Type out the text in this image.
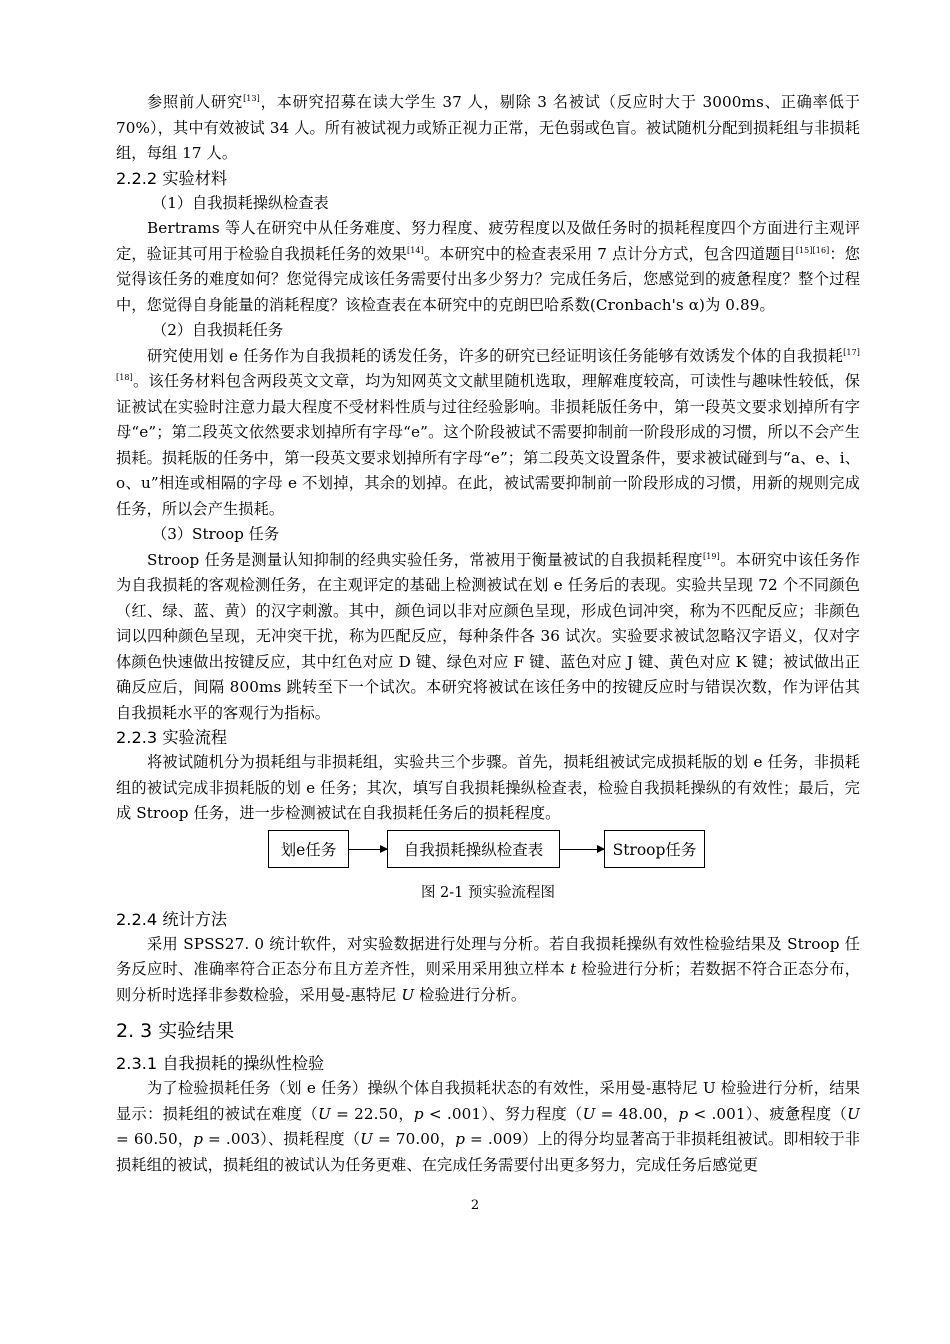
参照前人研究[13]，本研究招募在读大学生 37 人，剔除 3 名被试（反应时大于 3000ms、正确率低于 70%），其中有效被试 34 人。所有被试视力或矫正视力正常，无色弱或色盲。被试随机分配到损耗组与非损耗组，每组 17 人。

2.2.2 实验材料

（1）自我损耗操纵检查表

Bertrams 等人在研究中从任务难度、努力程度、疲劳程度以及做任务时的损耗程度四个方面进行主观评定，验证其可用于检验自我损耗任务的效果[14]。本研究中的检查表采用 7 点计分方式，包含四道题目[15][16]：您觉得该任务的难度如何？您觉得完成该任务需要付出多少努力？完成任务后，您感觉到的疲惫程度？整个过程中，您觉得自身能量的消耗程度？该检查表在本研究中的克朗巴哈系数(Cronbach's α)为 0.89。

（2）自我损耗任务

研究使用划 e 任务作为自我损耗的诱发任务，许多的研究已经证明该任务能够有效诱发个体的自我损耗[17][18]。该任务材料包含两段英文文章，均为知网英文文献里随机选取，理解难度较高，可读性与趣味性较低，保证被试在实验时注意力最大程度不受材料性质与过往经验影响。非损耗版任务中，第一段英文要求划掉所有字母“e”；第二段英文依然要求划掉所有字母“e”。这个阶段被试不需要抑制前一阶段形成的习惯，所以不会产生损耗。损耗版的任务中，第一段英文要求划掉所有字母“e”；第二段英文设置条件，要求被试碰到与“a、e、i、o、u”相连或相隔的字母 e 不划掉，其余的划掉。在此，被试需要抑制前一阶段形成的习惯，用新的规则完成任务，所以会产生损耗。

（3）Stroop 任务

Stroop 任务是测量认知抑制的经典实验任务，常被用于衡量被试的自我损耗程度[19]。本研究中该任务作为自我损耗的客观检测任务，在主观评定的基础上检测被试在划 e 任务后的表现。实验共呈现 72 个不同颜色（红、绿、蓝、黄）的汉字刺激。其中，颜色词以非对应颜色呈现，形成色词冲突，称为不匹配反应；非颜色词以四种颜色呈现，无冲突干扰，称为匹配反应，每种条件各 36 试次。实验要求被试忽略汉字语义，仅对字体颜色快速做出按键反应，其中红色对应 D 键、绿色对应 F 键、蓝色对应 J 键、黄色对应 K 键；被试做出正确反应后，间隔 800ms 跳转至下一个试次。本研究将被试在该任务中的按键反应时与错误次数，作为评估其自我损耗水平的客观行为指标。

2.2.3 实验流程

将被试随机分为损耗组与非损耗组，实验共三个步骤。首先，损耗组被试完成损耗版的划 e 任务，非损耗组的被试完成非损耗版的划 e 任务；其次，填写自我损耗操纵检查表，检验自我损耗操纵的有效性；最后，完成 Stroop 任务，进一步检测被试在自我损耗任务后的损耗程度。

划e任务	自我损耗操纵检查表	Stroop任务

图 2-1 预实验流程图

2.2.4 统计方法

采用 SPSS27. 0 统计软件，对实验数据进行处理与分析。若自我损耗操纵有效性检验结果及 Stroop 任务反应时、准确率符合正态分布且方差齐性，则采用采用独立样本 t 检验进行分析；若数据不符合正态分布，则分析时选择非参数检验，采用曼-惠特尼 U 检验进行分析。

2. 3 实验结果
2.3.1 自我损耗的操纵性检验

为了检验损耗任务（划 e 任务）操纵个体自我损耗状态的有效性，采用曼-惠特尼 U 检验进行分析，结果显示：损耗组的被试在难度（U = 22.50，p < .001）、努力程度（U = 48.00，p < .001）、疲惫程度（U = 60.50，p = .003）、损耗程度（U = 70.00，p = .009）上的得分均显著高于非损耗组被试。即相较于非损耗组的被试，损耗组的被试认为任务更难、在完成任务需要付出更多努力，完成任务后感觉更

2
